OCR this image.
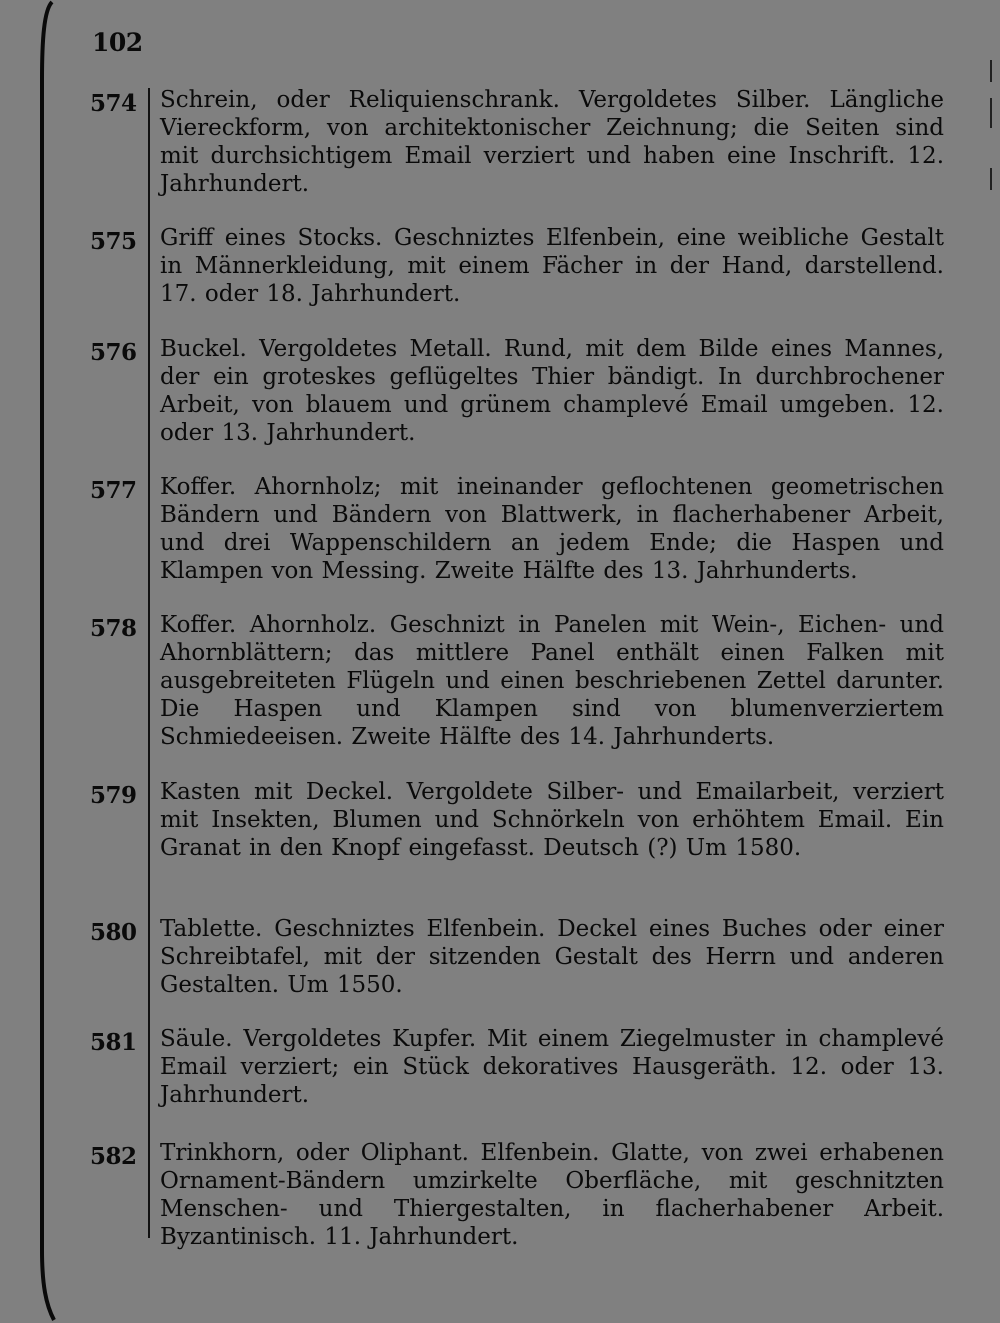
102
574 Schrein, oder Reliquienschrank. Vergoldetes Silber. Längliche Viereckform, von architektonischer Zeichnung; die Seiten sind mit durchsichtigem Email verziert und haben eine Inschrift. 12. Jahrhundert.
575 Griff eines Stocks. Geschniztes Elfenbein, eine weibliche Gestalt in Männerkleidung, mit einem Fächer in der Hand, darstellend. 17. oder 18. Jahrhundert.
576 Buckel. Vergoldetes Metall. Rund, mit dem Bilde eines Mannes, der ein groteskes geflügeltes Thier bändigt. In durchbrochener Arbeit, von blauem und grünem champlevé Email umgeben. 12. oder 13. Jahrhundert.
577 Koffer. Ahornholz; mit ineinander geflochtenen geometrischen Bändern und Bändern von Blattwerk, in flacherhabener Arbeit, und drei Wappenschildern an jedem Ende; die Haspen und Klampen von Messing. Zweite Hälfte des 13. Jahrhunderts.
578 Koffer. Ahornholz. Geschnizt in Panelen mit Wein-, Eichen- und Ahornblättern; das mittlere Panel enthält einen Falken mit ausgebreiteten Flügeln und einen beschriebenen Zettel darunter. Die Haspen und Klampen sind von blumenverziertem Schmiedeeisen. Zweite Hälfte des 14. Jahrhunderts.
579 Kasten mit Deckel. Vergoldete Silber- und Emailarbeit, verziert mit Insekten, Blumen und Schnörkeln von erhöhtem Email. Ein Granat in den Knopf eingefasst. Deutsch (?) Um 1580.
580 Tablette. Geschniztes Elfenbein. Deckel eines Buches oder einer Schreibtafel, mit der sitzenden Gestalt des Herrn und anderen Gestalten. Um 1550.
581 Säule. Vergoldetes Kupfer. Mit einem Ziegelmuster in champlevé Email verziert; ein Stück dekoratives Hausgeräth. 12. oder 13. Jahrhundert.
582 Trinkhorn, oder Oliphant. Elfenbein. Glatte, von zwei erhabenen Ornament-Bändern umzirkelte Oberfläche, mit geschnitzten Menschen- und Thiergestalten, in flacherhabener Arbeit. Byzantinisch. 11. Jahrhundert.
